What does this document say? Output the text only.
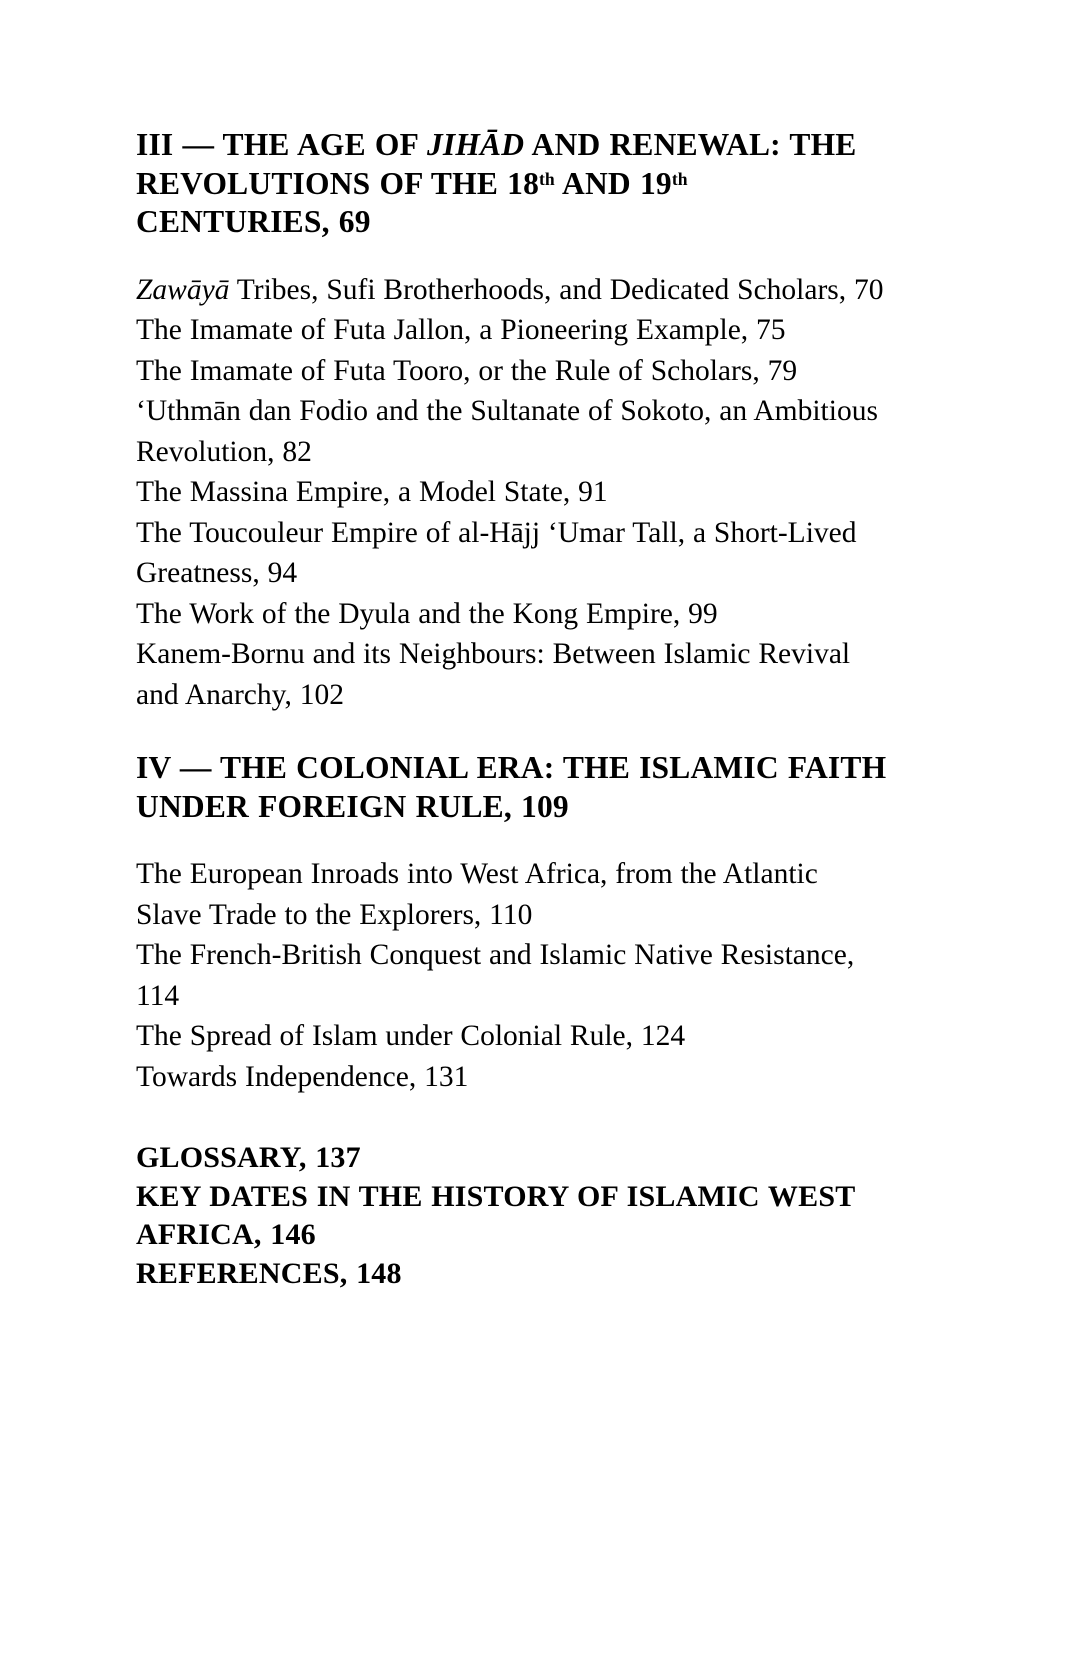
III — THE AGE OF JIHĀD AND RENEWAL: THE REVOLUTIONS OF THE 18th AND 19th CENTURIES, 69
Zawāyā Tribes, Sufi Brotherhoods, and Dedicated Scholars, 70
The Imamate of Futa Jallon, a Pioneering Example, 75
The Imamate of Futa Tooro, or the Rule of Scholars, 79
ʻUthmān dan Fodio and the Sultanate of Sokoto, an Ambitious Revolution, 82
The Massina Empire, a Model State, 91
The Toucouleur Empire of al-Hājj ʻUmar Tall, a Short-Lived Greatness, 94
The Work of the Dyula and the Kong Empire, 99
Kanem-Bornu and its Neighbours: Between Islamic Revival and Anarchy, 102
IV — THE COLONIAL ERA: THE ISLAMIC FAITH UNDER FOREIGN RULE, 109
The European Inroads into West Africa, from the Atlantic Slave Trade to the Explorers, 110
The French-British Conquest and Islamic Native Resistance, 114
The Spread of Islam under Colonial Rule, 124
Towards Independence, 131
GLOSSARY, 137
KEY DATES IN THE HISTORY OF ISLAMIC WEST AFRICA, 146
REFERENCES, 148
